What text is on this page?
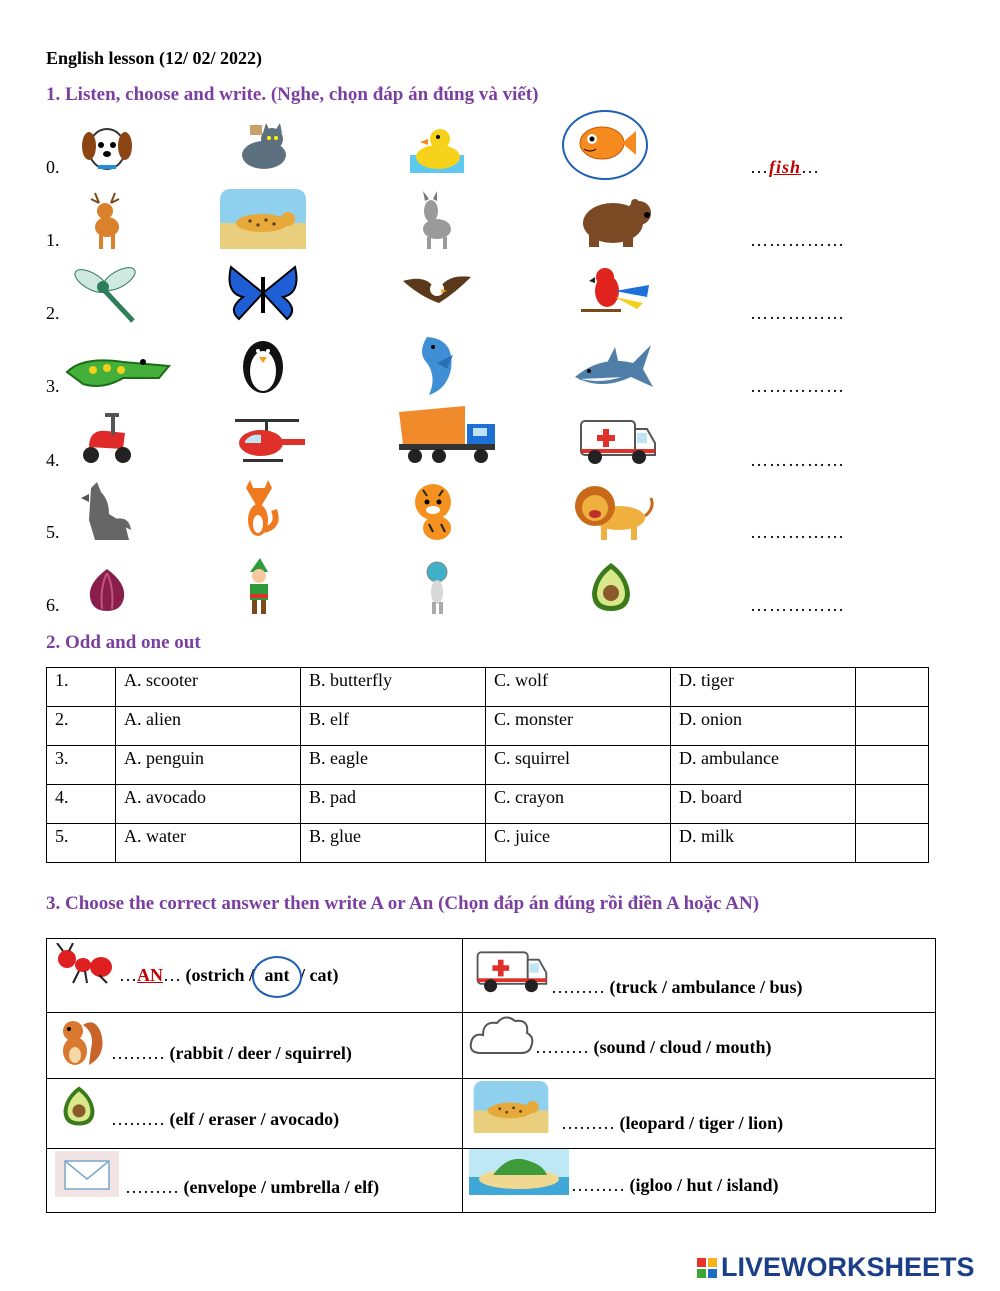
English lesson (12/ 02/ 2022)
1. Listen, choose and write. (Nghe, chọn đáp án đúng và viết)
0.	…fish…
1.	……………
2.	……………
3.	……………
4.	……………
5.	……………
6.	……………
2. Odd and one out
1.	A. scooter	B. butterfly	C. wolf	D. tiger	
2.	A. alien	B. elf	C. monster	D. onion	
3.	A. penguin	B. eagle	C. squirrel	D. ambulance	
4.	A. avocado	B. pad	C. crayon	D. board	
5.	A. water	B. glue	C. juice	D. milk	
3. Choose the correct answer then write A or An (Chọn đáp án đúng rồi điền A hoặc AN)
…AN… (ostrich / ant / cat)	……… (truck / ambulance / bus)

……… (rabbit / deer / squirrel)	……… (sound / cloud / mouth)

……… (elf / eraser / avocado)	……… (leopard / tiger / lion)

……… (envelope / umbrella / elf)	……… (igloo / hut / island)
LIVEWORKSHEETS
